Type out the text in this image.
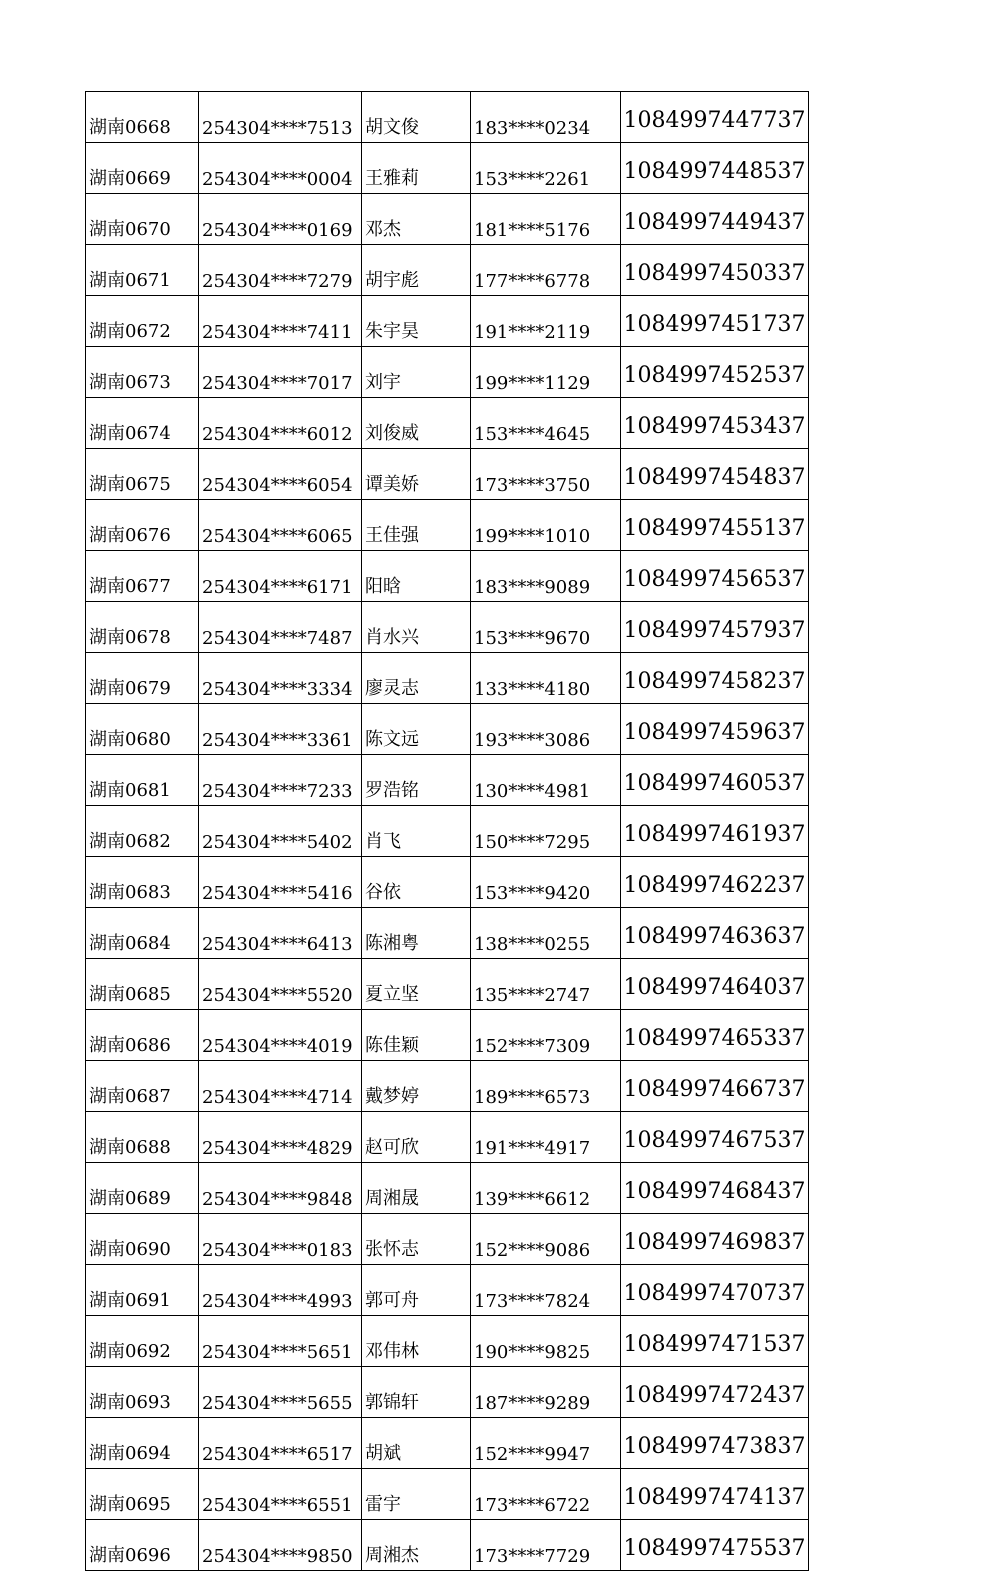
湖南0668	254304****7513	胡文俊	183****0234	1084997447737
湖南0669	254304****0004	王雅莉	153****2261	1084997448537
湖南0670	254304****0169	邓杰	181****5176	1084997449437
湖南0671	254304****7279	胡宇彪	177****6778	1084997450337
湖南0672	254304****7411	朱宇昊	191****2119	1084997451737
湖南0673	254304****7017	刘宇	199****1129	1084997452537
湖南0674	254304****6012	刘俊威	153****4645	1084997453437
湖南0675	254304****6054	谭美娇	173****3750	1084997454837
湖南0676	254304****6065	王佳强	199****1010	1084997455137
湖南0677	254304****6171	阳晗	183****9089	1084997456537
湖南0678	254304****7487	肖水兴	153****9670	1084997457937
湖南0679	254304****3334	廖灵志	133****4180	1084997458237
湖南0680	254304****3361	陈文远	193****3086	1084997459637
湖南0681	254304****7233	罗浩铭	130****4981	1084997460537
湖南0682	254304****5402	肖飞	150****7295	1084997461937
湖南0683	254304****5416	谷依	153****9420	1084997462237
湖南0684	254304****6413	陈湘粤	138****0255	1084997463637
湖南0685	254304****5520	夏立坚	135****2747	1084997464037
湖南0686	254304****4019	陈佳颖	152****7309	1084997465337
湖南0687	254304****4714	戴梦婷	189****6573	1084997466737
湖南0688	254304****4829	赵可欣	191****4917	1084997467537
湖南0689	254304****9848	周湘晟	139****6612	1084997468437
湖南0690	254304****0183	张怀志	152****9086	1084997469837
湖南0691	254304****4993	郭可舟	173****7824	1084997470737
湖南0692	254304****5651	邓伟林	190****9825	1084997471537
湖南0693	254304****5655	郭锦轩	187****9289	1084997472437
湖南0694	254304****6517	胡斌	152****9947	1084997473837
湖南0695	254304****6551	雷宇	173****6722	1084997474137
湖南0696	254304****9850	周湘杰	173****7729	1084997475537
